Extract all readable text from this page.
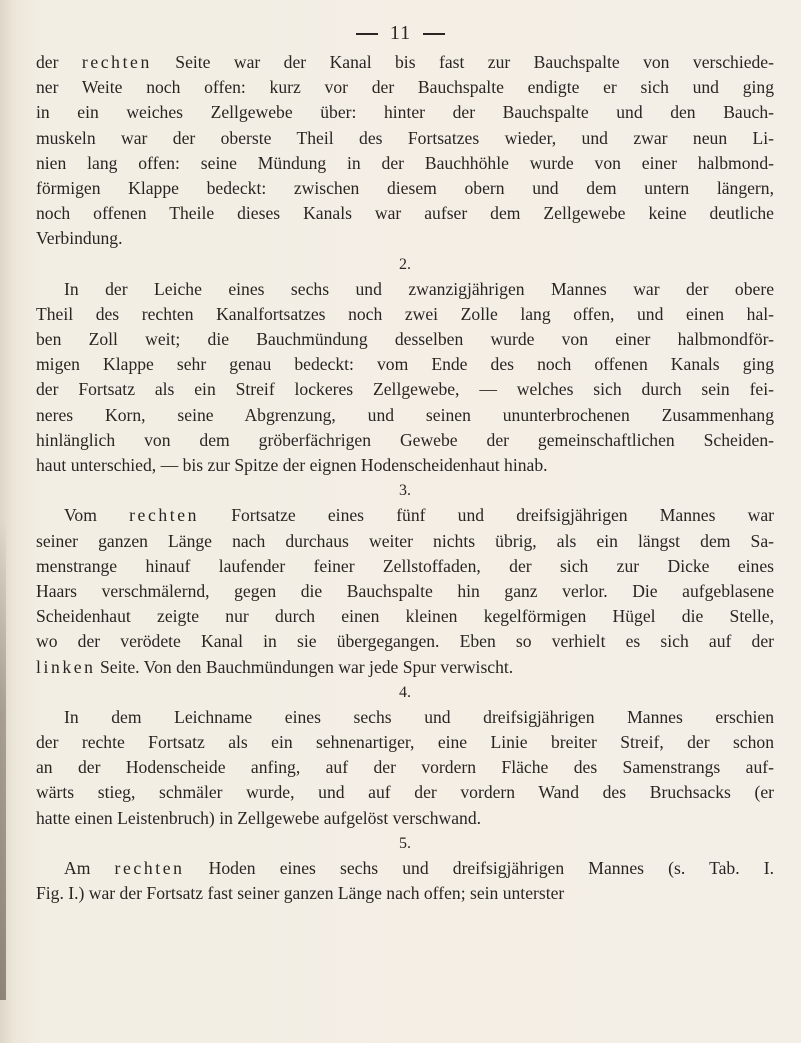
11
der rechten Seite war der Kanal bis fast zur Bauchspalte von verschiede-
ner Weite noch offen: kurz vor der Bauchspalte endigte er sich und ging
in ein weiches Zellgewebe über: hinter der Bauchspalte und den Bauch-
muskeln war der oberste Theil des Fortsatzes wieder, und zwar neun Li-
nien lang offen: seine Mündung in der Bauchhöhle wurde von einer halbmond-
förmigen Klappe bedeckt: zwischen diesem obern und dem untern längern,
noch offenen Theile dieses Kanals war aufser dem Zellgewebe keine deutliche
Verbindung.
2.
In der Leiche eines sechs und zwanzigjährigen Mannes war der obere
Theil des rechten Kanalfortsatzes noch zwei Zolle lang offen, und einen hal-
ben Zoll weit; die Bauchmündung desselben wurde von einer halbmondför-
migen Klappe sehr genau bedeckt: vom Ende des noch offenen Kanals ging
der Fortsatz als ein Streif lockeres Zellgewebe, — welches sich durch sein fei-
neres Korn, seine Abgrenzung, und seinen ununterbrochenen Zusammenhang
hinlänglich von dem gröberfächrigen Gewebe der gemeinschaftlichen Scheiden-
haut unterschied, — bis zur Spitze der eignen Hodenscheidenhaut hinab.
3.
Vom rechten Fortsatze eines fünf und dreifsigjährigen Mannes war
seiner ganzen Länge nach durchaus weiter nichts übrig, als ein längst dem Sa-
menstrange hinauf laufender feiner Zellstoffaden, der sich zur Dicke eines
Haars verschmälernd, gegen die Bauchspalte hin ganz verlor. Die aufgeblasene
Scheidenhaut zeigte nur durch einen kleinen kegelförmigen Hügel die Stelle,
wo der verödete Kanal in sie übergegangen. Eben so verhielt es sich auf der
linken Seite. Von den Bauchmündungen war jede Spur verwischt.
4.
In dem Leichname eines sechs und dreifsigjährigen Mannes erschien
der rechte Fortsatz als ein sehnenartiger, eine Linie breiter Streif, der schon
an der Hodenscheide anfing, auf der vordern Fläche des Samenstrangs auf-
wärts stieg, schmäler wurde, und auf der vordern Wand des Bruchsacks (er
hatte einen Leistenbruch) in Zellgewebe aufgelöst verschwand.
5.
Am rechten Hoden eines sechs und dreifsigjährigen Mannes (s. Tab. I.
Fig. I.) war der Fortsatz fast seiner ganzen Länge nach offen; sein unterster
